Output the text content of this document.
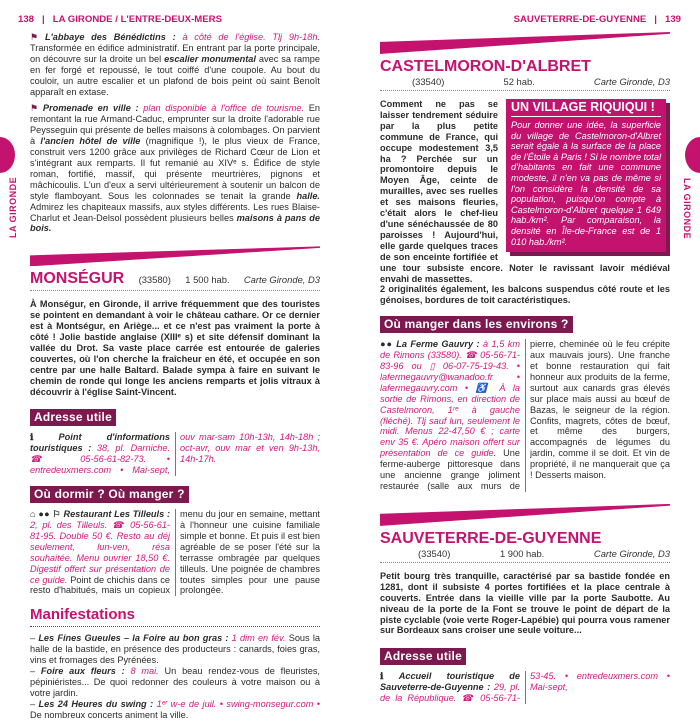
LA GIRONDE	LA GIRONDE
138 | LA GIRONDE / L'ENTRE-DEUX-MERS
⚑ L'abbaye des Bénédictins : à côté de l'église. Tlj 9h-18h. Transformée en édifice administratif. En entrant par la porte principale, on découvre sur la droite un bel escalier monumental avec sa rampe en fer forgé et repoussé, le tout coiffé d'une coupole. Au bout du couloir, un autre escalier et un plafond de bois peint où saint Benoît apparaît en extase.
⚑ Promenade en ville : plan disponible à l'office de tourisme. En remontant la rue Armand-Caduc, emprunter sur la droite l'adorable rue Peysseguin qui présente de belles maisons à colombages. On parvient à l'ancien hôtel de ville (magnifique !), le plus vieux de France, construit vers 1200 grâce aux privilèges de Richard Cœur de Lion et s'intégrant aux remparts. Il fut remanié au XIVᵉ s. Édifice de style roman, fortifié, massif, qui présente meurtrières, pignons et mâchicoulis. L'un d'eux a servi ultérieurement à soutenir un balcon de style flamboyant. Sous les colonnades se tenait la grande halle. Admirez les chapiteaux massifs, aux styles différents. Les rues Blaise-Charlut et Jean-Delsol possèdent plusieurs belles maisons à pans de bois.
MONSÉGUR (33580) 1 500 hab. Carte Gironde, D3
À Monségur, en Gironde, il arrive fréquemment que des touristes se pointent en demandant à voir le château cathare. Or ce dernier est à Montségur, en Ariège... et ce n'est pas vraiment la porte à côté ! Jolie bastide anglaise (XIIIᵉ s) et site défensif dominant la vallée du Drot. Sa vaste place carrée est entourée de galeries couvertes, où l'on cherche la fraîcheur en été, et occupée en son centre par une halle Baltard. Balade sympa à faire en suivant le chemin de ronde qui longe les anciens remparts et jolis vitraux à découvrir à l'église Saint-Vincent.
Adresse utile
ℹ Point d'informations touristiques : 38, pl. Darniche. ☎ 05-56-61-82-73. • entredeuxmers.com • Mai-sept, ouv mar-sam 10h-13h, 14h-18h ; oct-avr, ouv mar et ven 9h-13h, 14h-17h.
Où dormir ? Où manger ?
⌂ ●● ⚐ Restaurant Les Tilleuls : 2, pl. des Tilleuls. ☎ 05-56-61-81-95. Double 50 €. Resto au déj seulement, lun-ven, résa souhaitée. Menu ouvrier 18,50 €. Digestif offert sur présentation de ce guide. Point de chichis dans ce resto d'habitués, mais un copieux menu du jour en semaine, mettant à l'honneur une cuisine familiale simple et bonne. Et puis il est bien agréable de se poser l'été sur la terrasse ombragée par quelques tilleuls. Une poignée de chambres toutes simples pour une pause prolongée.
Manifestations
– Les Fines Gueules – la Foire au bon gras : 1 dim en fév. Sous la halle de la bastide, en présence des producteurs : canards, foies gras, vins et fromages des Pyrénées.
– Foire aux fleurs : 8 mai. Un beau rendez-vous de fleuristes, pépiniéristes... De quoi redonner des couleurs à votre maison ou à votre jardin.
– Les 24 Heures du swing : 1ᵉʳ w-e de juil. • swing-monsegur.com • De nombreux concerts animent la ville.
SAUVETERRE-DE-GUYENNE | 139
CASTELMORON-D'ALBRET
(33540)	52 hab.	Carte Gironde, D3
UN VILLAGE RIQUIQUI !
Pour donner une idée, la superficie du village de Castelmoron-d'Albret serait égale à la surface de la place de l'Étoile à Paris ! Si le nombre total d'habitants en fait une commune modeste, il n'en va pas de même si l'on considère la densité de sa population, puisqu'on compte à Castelmoron-d'Albret quelque 1 649 hab./km². Par comparaison, la densité en Île-de-France est de 1 010 hab./km².
Comment ne pas se laisser tendrement séduire par la plus petite commune de France, qui occupe modestement 3,5 ha ? Perchée sur un promontoire depuis le Moyen Âge, ceinte de murailles, avec ses ruelles et ses maisons fleuries, c'était alors le chef-lieu d'une sénéchaussée de 80 paroisses ! Aujourd'hui, elle garde quelques traces de son enceinte fortifiée et une tour subsiste encore. Noter le ravissant lavoir médiéval envahi de massettes.
2 originalités également, les balcons suspendus côté route et les génoises, bordures de toit caractéristiques.
Où manger dans les environs ?
●● La Ferme Gauvry : à 1,5 km de Rimons (33580). ☎ 05-56-71-83-96 ou ▯ 06-07-75-19-43. • lafermegauvry@wanadoo.fr • lafermegauvry.com • ♿ À la sortie de Rimons, en direction de Castelmoron, 1ʳᵉ à gauche (fléché). Tlj sauf lun, seulement le midi. Menus 22-47,50 € ; carte env 35 €. Apéro maison offert sur présentation de ce guide. Une ferme-auberge pittoresque dans une ancienne grange joliment restaurée (salle aux murs de pierre, cheminée où le feu crépite aux mauvais jours). Une franche et bonne restauration qui fait honneur aux produits de la ferme, surtout aux canards gras élevés sur place mais aussi au bœuf de Bazas, le seigneur de la région. Confits, magrets, côtes de bœuf, et même des burgers, accompagnés de légumes du jardin, comme il se doit. Et vin de propriété, il ne manquerait que ça ! Desserts maison.
SAUVETERRE-DE-GUYENNE
(33540)	1 900 hab.	Carte Gironde, D3
Petit bourg très tranquille, caractérisé par sa bastide fondée en 1281, dont il subsiste 4 portes fortifiées et la place centrale à couverts. Entrée dans la vieille ville par la porte Saubotte. Au niveau de la porte de la Font se trouve le point de départ de la piste cyclable (voie verte Roger-Lapébie) qui pourra vous ramener sur Bordeaux sans croiser une seule voiture...
Adresse utile
ℹ Accueil touristique de Sauveterre-de-Guyenne : 29, pl. de la République. ☎ 05-56-71-53-45. • entredeuxmers.com • Mai-sept,
